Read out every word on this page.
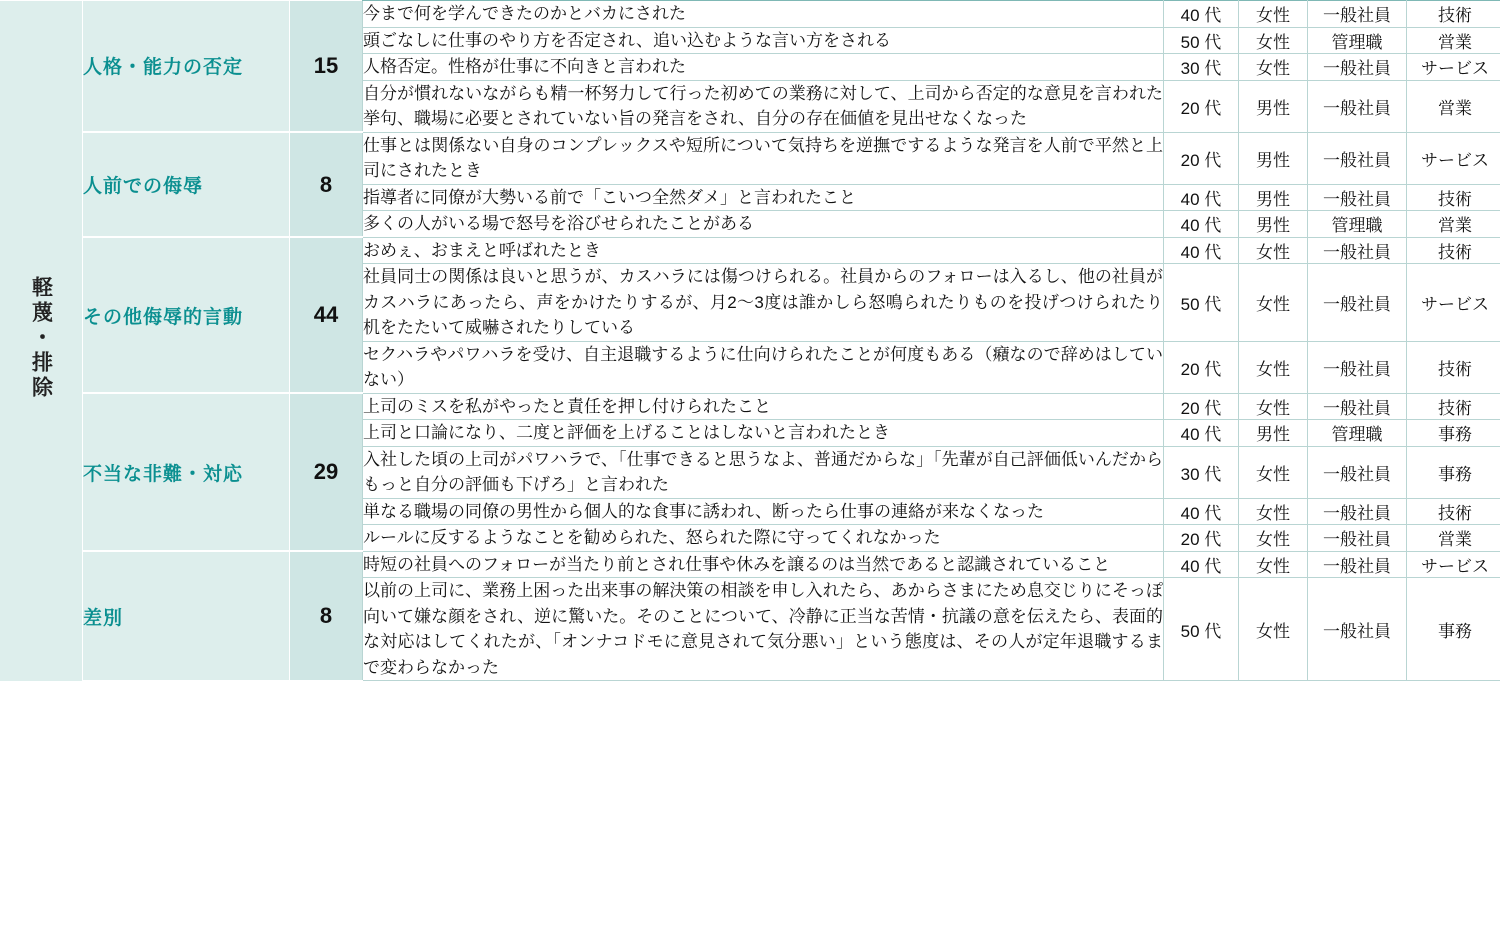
軽蔑・排除	人格・能力の否定	15	今まで何を学んできたのかとバカにされた	40 代	女性	一般社員	技術
			頭ごなしに仕事のやり方を否定され、追い込むような言い方をされる	50 代	女性	管理職	営業
			人格否定。性格が仕事に不向きと言われた	30 代	女性	一般社員	サービス
			自分が慣れないながらも精一杯努力して行った初めての業務に対して、上司から否定的な意見を言われた挙句、職場に必要とされていない旨の発言をされ、自分の存在価値を見出せなくなった	20 代	男性	一般社員	営業
	人前での侮辱	8	仕事とは関係ない自身のコンプレックスや短所について気持ちを逆撫でするような発言を人前で平然と上司にされたとき	20 代	男性	一般社員	サービス
			指導者に同僚が大勢いる前で「こいつ全然ダメ」と言われたこと	40 代	男性	一般社員	技術
			多くの人がいる場で怒号を浴びせられたことがある	40 代	男性	管理職	営業
	その他侮辱的言動	44	おめぇ、おまえと呼ばれたとき	40 代	女性	一般社員	技術
			社員同士の関係は良いと思うが、カスハラには傷つけられる。社員からのフォローは入るし、他の社員がカスハラにあったら、声をかけたりするが、月2〜3度は誰かしら怒鳴られたりものを投げつけられたり机をたたいて威嚇されたりしている	50 代	女性	一般社員	サービス
			セクハラやパワハラを受け、自主退職するように仕向けられたことが何度もある（癪なので辞めはしていない）	20 代	女性	一般社員	技術
	不当な非難・対応	29	上司のミスを私がやったと責任を押し付けられたこと	20 代	女性	一般社員	技術
			上司と口論になり、二度と評価を上げることはしないと言われたとき	40 代	男性	管理職	事務
			入社した頃の上司がパワハラで、「仕事できると思うなよ、普通だからな」「先輩が自己評価低いんだからもっと自分の評価も下げろ」と言われた	30 代	女性	一般社員	事務
			単なる職場の同僚の男性から個人的な食事に誘われ、断ったら仕事の連絡が来なくなった	40 代	女性	一般社員	技術
			ルールに反するようなことを勧められた、怒られた際に守ってくれなかった	20 代	女性	一般社員	営業
	差別	8	時短の社員へのフォローが当たり前とされ仕事や休みを譲るのは当然であると認識されていること	40 代	女性	一般社員	サービス
			以前の上司に、業務上困った出来事の解決策の相談を申し入れたら、あからさまにため息交じりにそっぽ向いて嫌な顔をされ、逆に驚いた。そのことについて、冷静に正当な苦情・抗議の意を伝えたら、表面的な対応はしてくれたが、「オンナコドモに意見されて気分悪い」という態度は、その人が定年退職するまで変わらなかった	50 代	女性	一般社員	事務
